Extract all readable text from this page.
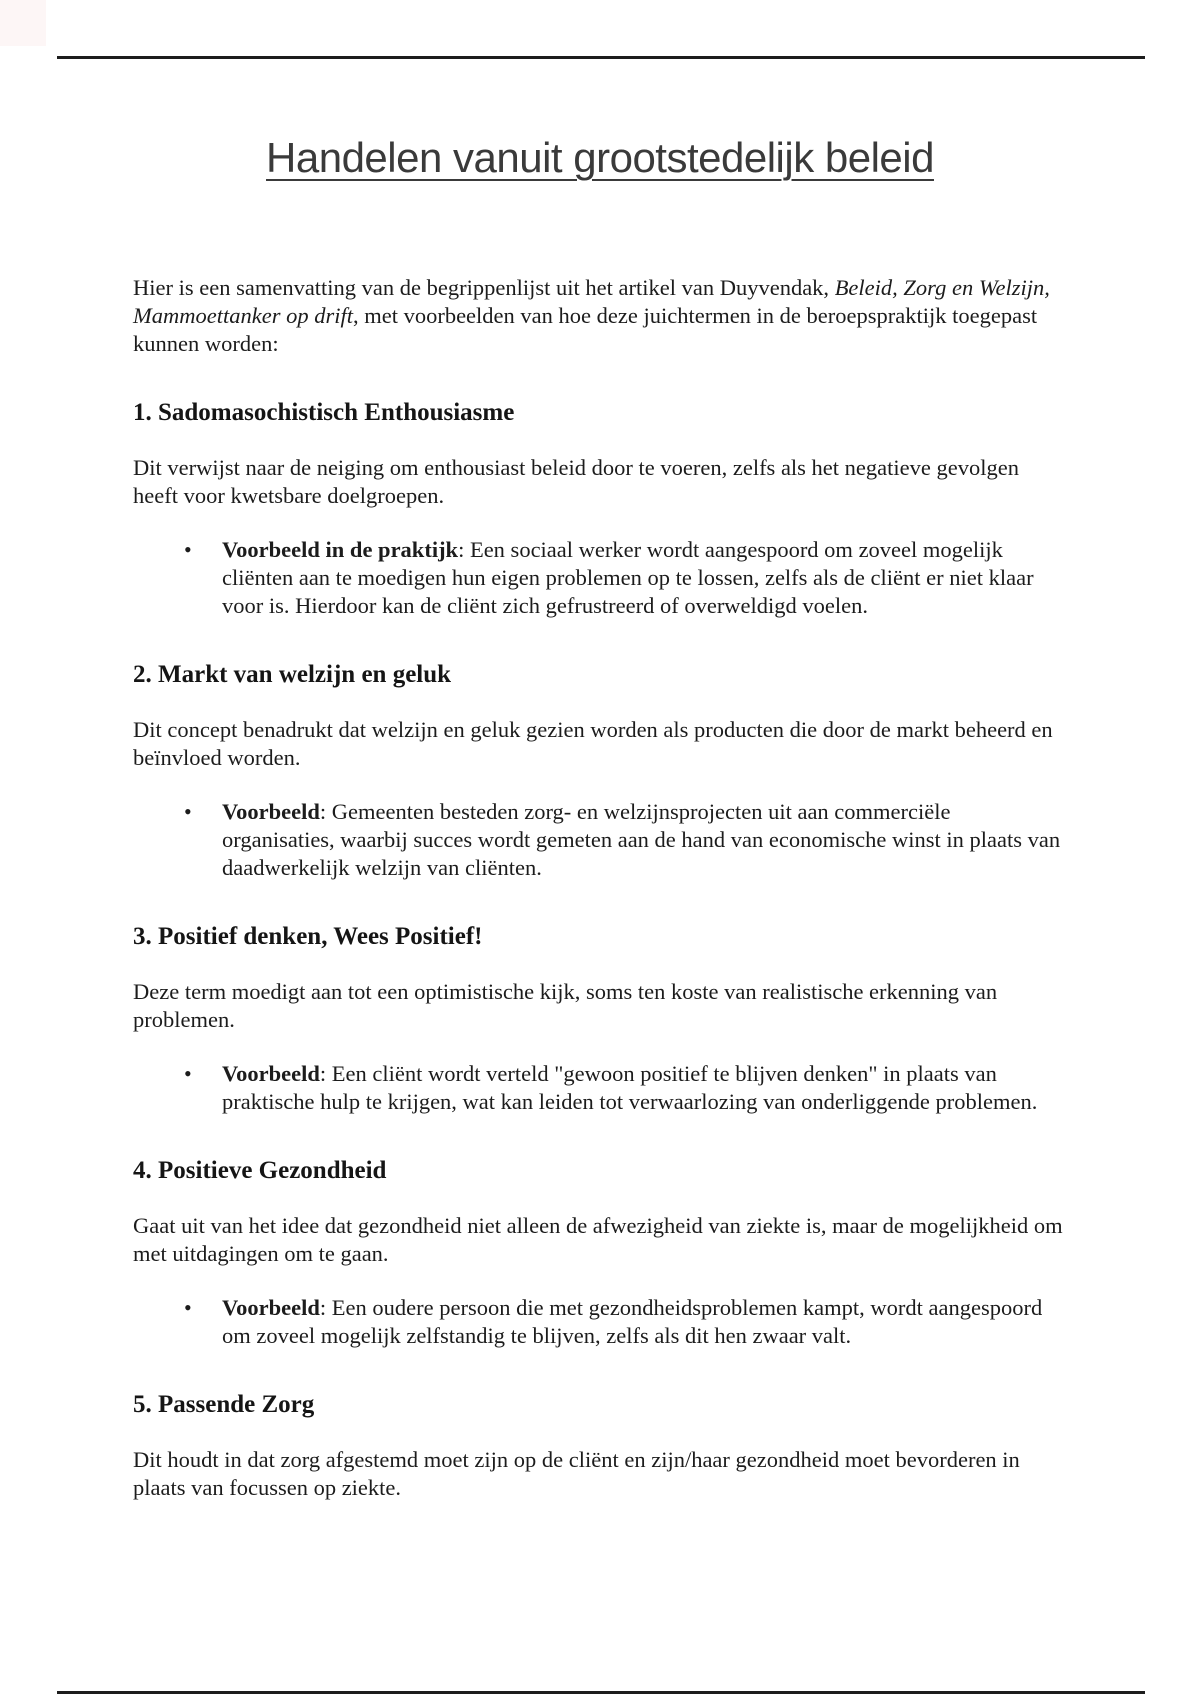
Handelen vanuit grootstedelijk beleid

Hier is een samenvatting van de begrippenlijst uit het artikel van Duyvendak, Beleid, Zorg en Welzijn, Mammoettanker op drift, met voorbeelden van hoe deze juichtermen in de beroepspraktijk toegepast kunnen worden:

1. Sadomasochistisch Enthousiasme

Dit verwijst naar de neiging om enthousiast beleid door te voeren, zelfs als het negatieve gevolgen heeft voor kwetsbare doelgroepen.

• Voorbeeld in de praktijk: Een sociaal werker wordt aangespoord om zoveel mogelijk cliënten aan te moedigen hun eigen problemen op te lossen, zelfs als de cliënt er niet klaar voor is. Hierdoor kan de cliënt zich gefrustreerd of overweldigd voelen.
2. Markt van welzijn en geluk

Dit concept benadrukt dat welzijn en geluk gezien worden als producten die door de markt beheerd en beïnvloed worden.

• Voorbeeld: Gemeenten besteden zorg- en welzijnsprojecten uit aan commerciële organisaties, waarbij succes wordt gemeten aan de hand van economische winst in plaats van daadwerkelijk welzijn van cliënten.
3. Positief denken, Wees Positief!

Deze term moedigt aan tot een optimistische kijk, soms ten koste van realistische erkenning van problemen.

• Voorbeeld: Een cliënt wordt verteld "gewoon positief te blijven denken" in plaats van praktische hulp te krijgen, wat kan leiden tot verwaarlozing van onderliggende problemen.
4. Positieve Gezondheid

Gaat uit van het idee dat gezondheid niet alleen de afwezigheid van ziekte is, maar de mogelijkheid om met uitdagingen om te gaan.

• Voorbeeld: Een oudere persoon die met gezondheidsproblemen kampt, wordt aangespoord om zoveel mogelijk zelfstandig te blijven, zelfs als dit hen zwaar valt.
5. Passende Zorg

Dit houdt in dat zorg afgestemd moet zijn op de cliënt en zijn/haar gezondheid moet bevorderen in plaats van focussen op ziekte.
